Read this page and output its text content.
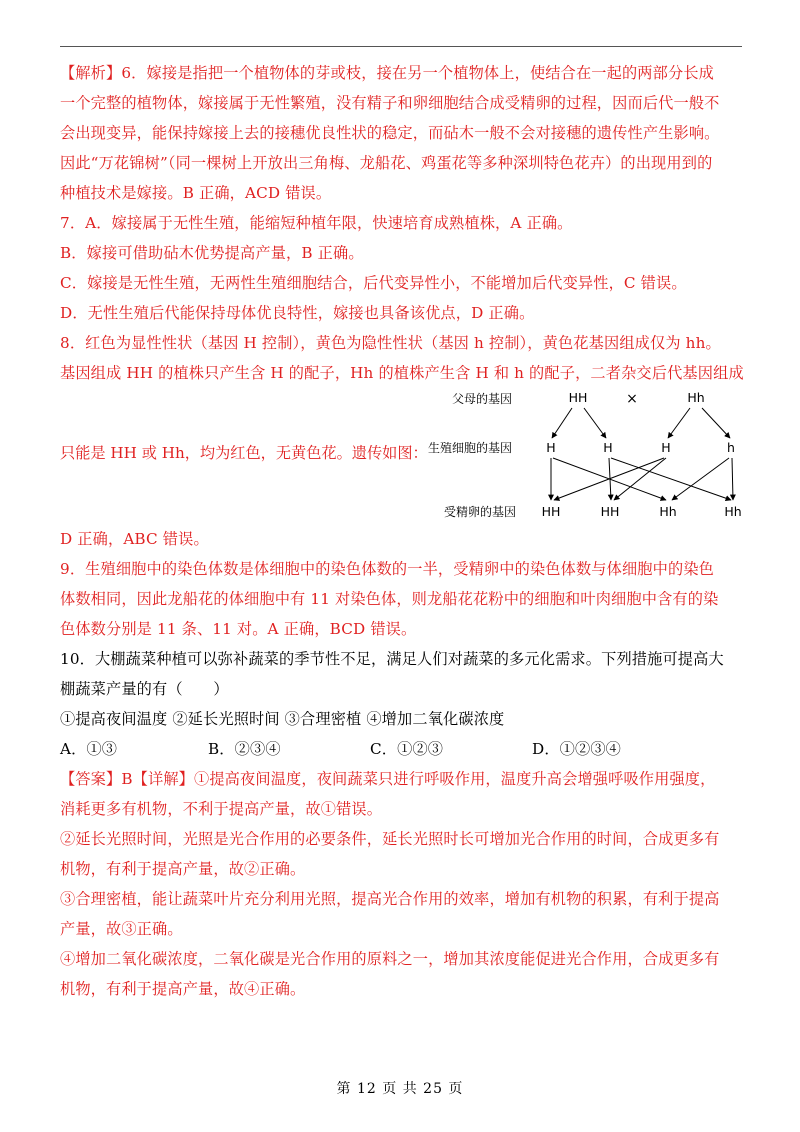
【解析】6．嫁接是指把一个植物体的芽或枝，接在另一个植物体上，使结合在一起的两部分长成
一个完整的植物体，嫁接属于无性繁殖，没有精子和卵细胞结合成受精卵的过程，因而后代一般不
会出现变异，能保持嫁接上去的接穗优良性状的稳定，而砧木一般不会对接穗的遗传性产生影响。
因此“万花锦树”（同一棵树上开放出三角梅、龙船花、鸡蛋花等多种深圳特色花卉）的出现用到的
种植技术是嫁接。B 正确，ACD 错误。
7．A．嫁接属于无性生殖，能缩短种植年限，快速培育成熟植株，A 正确。
B．嫁接可借助砧木优势提高产量，B 正确。
C．嫁接是无性生殖，无两性生殖细胞结合，后代变异性小，不能增加后代变异性，C 错误。
D．无性生殖后代能保持母体优良特性，嫁接也具备该优点，D 正确。
8．红色为显性性状（基因 H 控制），黄色为隐性性状（基因 h 控制），黄色花基因组成仅为 hh。
基因组成 HH 的植株只产生含 H 的配子，Hh 的植株产生含 H 和 h 的配子，二者杂交后代基因组成
只能是 HH 或 Hh，均为红色，无黄色花。遗传如图：
父母的基因
生殖细胞的基因
受精卵的基因
HH	×	Hh
H	H	H	h
HH	HH	Hh	Hh
D 正确，ABC 错误。
9．生殖细胞中的染色体数是体细胞中的染色体数的一半，受精卵中的染色体数与体细胞中的染色
体数相同，因此龙船花的体细胞中有 11 对染色体，则龙船花花粉中的细胞和叶肉细胞中含有的染
色体数分别是 11 条、11 对。A 正确，BCD 错误。
10．大棚蔬菜种植可以弥补蔬菜的季节性不足，满足人们对蔬菜的多元化需求。下列措施可提高大
棚蔬菜产量的有（　　）
①提高夜间温度 ②延长光照时间 ③合理密植 ④增加二氧化碳浓度
A．①③	B．②③④	C．①②③	D．①②③④
【答案】B【详解】①提高夜间温度，夜间蔬菜只进行呼吸作用，温度升高会增强呼吸作用强度，
消耗更多有机物，不利于提高产量，故①错误。
②延长光照时间，光照是光合作用的必要条件，延长光照时长可增加光合作用的时间，合成更多有
机物，有利于提高产量，故②正确。
③合理密植，能让蔬菜叶片充分利用光照，提高光合作用的效率，增加有机物的积累，有利于提高
产量，故③正确。
④增加二氧化碳浓度，二氧化碳是光合作用的原料之一，增加其浓度能促进光合作用，合成更多有
机物，有利于提高产量，故④正确。
第 12 页 共 25 页
